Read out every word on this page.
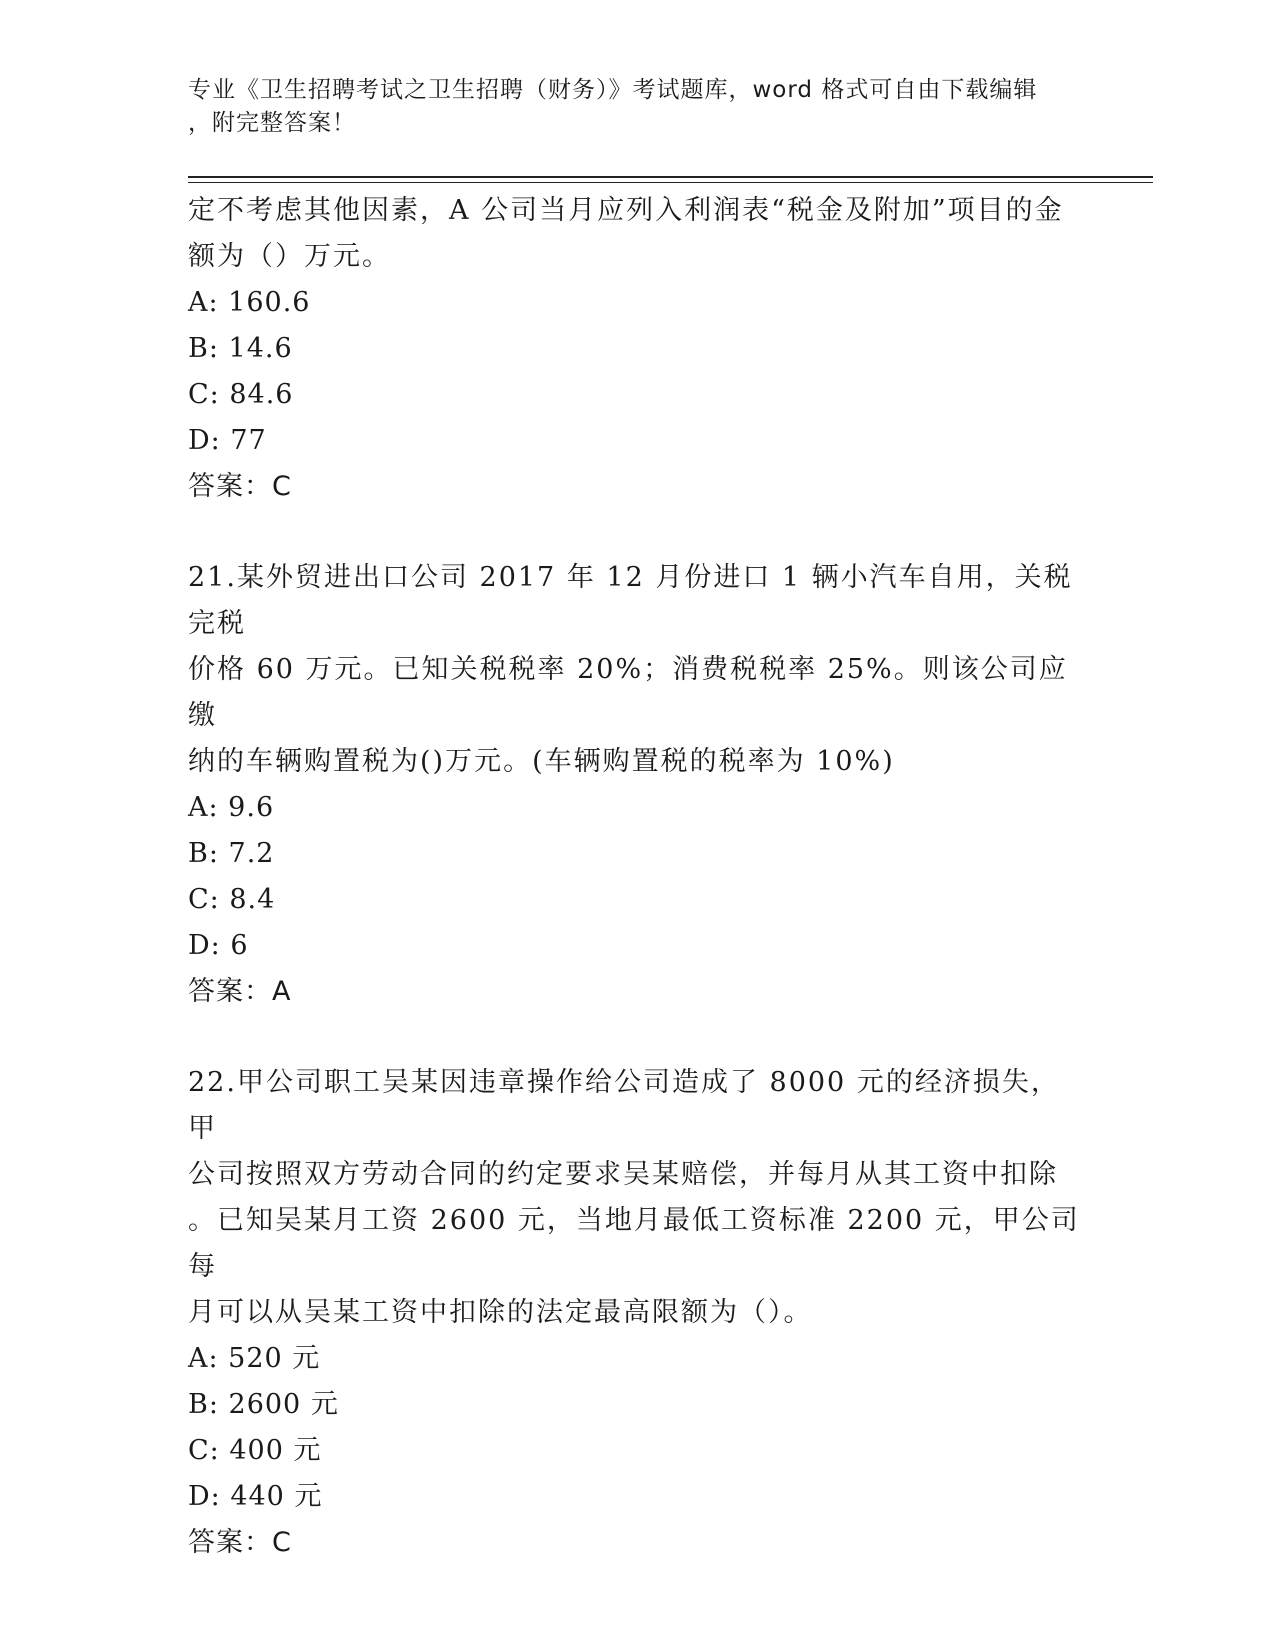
专业《卫生招聘考试之卫生招聘（财务）》考试题库，word 格式可自由下载编辑
，附完整答案！

定不考虑其他因素，A 公司当月应列入利润表“税金及附加”项目的金

额为（）万元。

A: 160.6

B: 14.6

C: 84.6

D: 77

答案：C

21.某外贸进出口公司 2017 年 12 月份进口 1 辆小汽车自用，关税完税

价格 60 万元。已知关税税率 20%；消费税税率 25%。则该公司应缴

纳的车辆购置税为()万元。(车辆购置税的税率为 10%)

A: 9.6

B: 7.2

C: 8.4

D: 6

答案：A

22.甲公司职工吴某因违章操作给公司造成了 8000 元的经济损失，甲

公司按照双方劳动合同的约定要求吴某赔偿，并每月从其工资中扣除

。已知吴某月工资 2600 元，当地月最低工资标准 2200 元，甲公司每

月可以从吴某工资中扣除的法定最高限额为（）。

A: 520 元

B: 2600 元

C: 400 元

D: 440 元

答案：C
